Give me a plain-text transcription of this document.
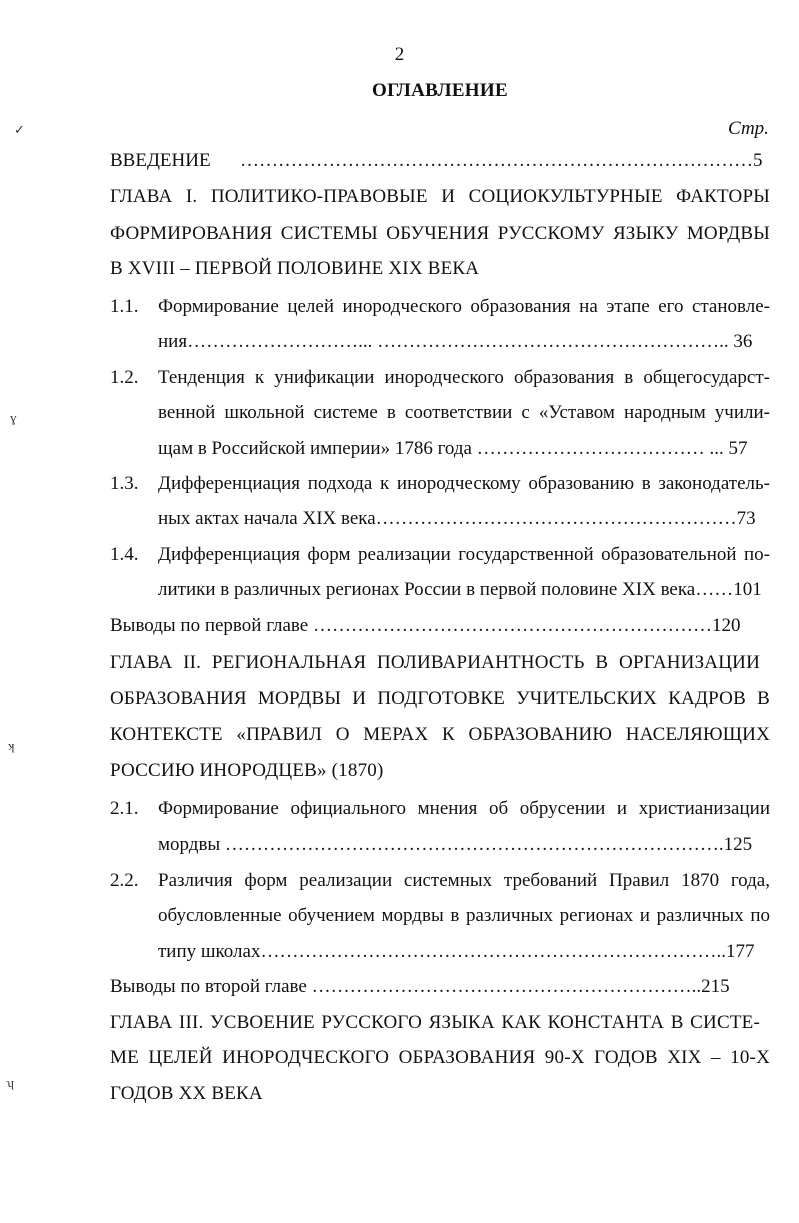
✓
ɣ
ʞ
ʮ
2
ОГЛАВЛЕНИЕ
Стр.
ВВЕДЕНИЕ ………………………………………………………………………5
ГЛАВА I. ПОЛИТИКО-ПРАВОВЫЕ И СОЦИОКУЛЬТУРНЫЕ ФАКТОРЫ
ФОРМИРОВАНИЯ СИСТЕМЫ ОБУЧЕНИЯ РУССКОМУ ЯЗЫКУ МОРДВЫ
В XVIII – ПЕРВОЙ ПОЛОВИНЕ XIX ВЕКА
1.1. Формирование целей инородческого образования на этапе его становле-
ния………………………... ……………………………………………….. 36
1.2. Тенденция к унификации инородческого образования в общегосударст-
венной школьной системе в соответствии с «Уставом народным учили-
щам в Российской империи» 1786 года ……………………………… ... 57
1.3. Дифференциация подхода к инородческому образованию в законодатель-
ных актах начала XIX века…………………………………………………73
1.4. Дифференциация форм реализации государственной образовательной по-
литики в различных регионах России в первой половине XIX века……101
Выводы по первой главе ………………………………………………………120
ГЛАВА II. РЕГИОНАЛЬНАЯ ПОЛИВАРИАНТНОСТЬ В ОРГАНИЗАЦИИ
ОБРАЗОВАНИЯ МОРДВЫ И ПОДГОТОВКЕ УЧИТЕЛЬСКИХ КАДРОВ В
КОНТЕКСТЕ «ПРАВИЛ О МЕРАХ К ОБРАЗОВАНИЮ НАСЕЛЯЮЩИХ
РОССИЮ ИНОРОДЦЕВ» (1870)
2.1. Формирование официального мнения об обрусении и христианизации
мордвы …………………………………………………………………….125
2.2. Различия форм реализации системных требований Правил 1870 года,
обусловленные обучением мордвы в различных регионах и различных по
типу школах………………………………………………………………..177
Выводы по второй главе ……………………………………………………..215
ГЛАВА III. УСВОЕНИЕ РУССКОГО ЯЗЫКА КАК КОНСТАНТА В СИСТЕ-
МЕ ЦЕЛЕЙ ИНОРОДЧЕСКОГО ОБРАЗОВАНИЯ 90-Х ГОДОВ XIX – 10-Х
ГОДОВ XX ВЕКА
